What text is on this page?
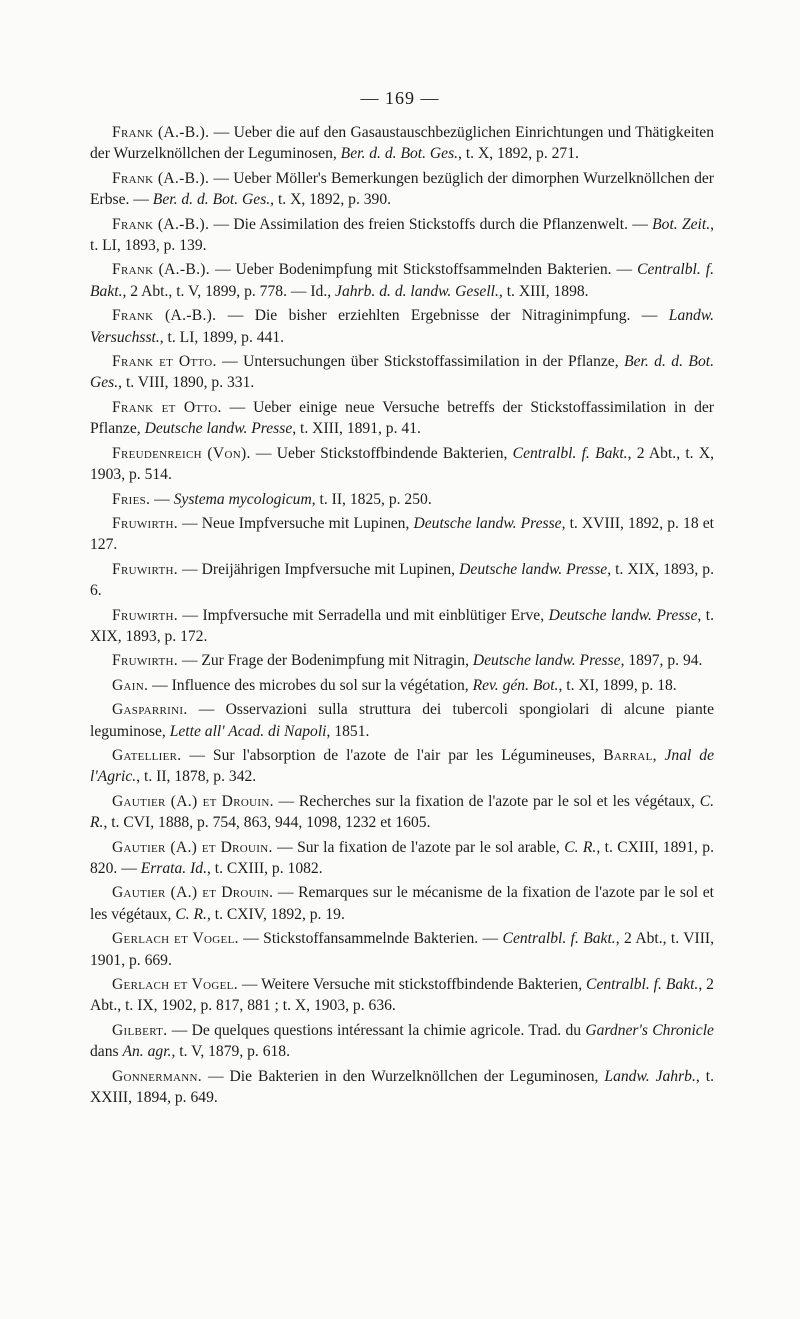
— 169 —
Frank (A.-B.). — Ueber die auf den Gasaustauschbezüglichen Einrichtungen und Thätigkeiten der Wurzelknöllchen der Leguminosen, Ber. d. d. Bot. Ges., t. X, 1892, p. 271.
Frank (A.-B.). — Ueber Möller's Bemerkungen bezüglich der dimorphen Wurzelknöllchen der Erbse. — Ber. d. d. Bot. Ges., t. X, 1892, p. 390.
Frank (A.-B.). — Die Assimilation des freien Stickstoffs durch die Pflanzenwelt. — Bot. Zeit., t. LI, 1893, p. 139.
Frank (A.-B.). — Ueber Bodenimpfung mit Stickstoffsammelnden Bakterien. — Centralbl. f. Bakt., 2 Abt., t. V, 1899, p. 778. — Id., Jahrb. d. d. landw. Gesell., t. XIII, 1898.
Frank (A.-B.). — Die bisher erziehlten Ergebnisse der Nitraginimpfung. — Landw. Versuchsst., t. LI, 1899, p. 441.
Frank et Otto. — Untersuchungen über Stickstoffassimilation in der Pflanze, Ber. d. d. Bot. Ges., t. VIII, 1890, p. 331.
Frank et Otto. — Ueber einige neue Versuche betreffs der Stickstoffassimilation in der Pflanze, Deutsche landw. Presse, t. XIII, 1891, p. 41.
Freudenreich (Von). — Ueber Stickstoffbindende Bakterien, Centralbl. f. Bakt., 2 Abt., t. X, 1903, p. 514.
Fries. — Systema mycologicum, t. II, 1825, p. 250.
Fruwirth. — Neue Impfversuche mit Lupinen, Deutsche landw. Presse, t. XVIII, 1892, p. 18 et 127.
Fruwirth. — Dreijährigen Impfversuche mit Lupinen, Deutsche landw. Presse, t. XIX, 1893, p. 6.
Fruwirth. — Impfversuche mit Serradella und mit einblütiger Erve, Deutsche landw. Presse, t. XIX, 1893, p. 172.
Fruwirth. — Zur Frage der Bodenimpfung mit Nitragin, Deutsche landw. Presse, 1897, p. 94.
Gain. — Influence des microbes du sol sur la végétation, Rev. gén. Bot., t. XI, 1899, p. 18.
Gasparrini. — Osservazioni sulla struttura dei tubercoli spongiolari di alcune piante leguminose, Lette all' Acad. di Napoli, 1851.
Gatellier. — Sur l'absorption de l'azote de l'air par les Légumineuses, Barral, Jnal de l'Agric., t. II, 1878, p. 342.
Gautier (A.) et Drouin. — Recherches sur la fixation de l'azote par le sol et les végétaux, C. R., t. CVI, 1888, p. 754, 863, 944, 1098, 1232 et 1605.
Gautier (A.) et Drouin. — Sur la fixation de l'azote par le sol arable, C. R., t. CXIII, 1891, p. 820. — Errata. Id., t. CXIII, p. 1082.
Gautier (A.) et Drouin. — Remarques sur le mécanisme de la fixation de l'azote par le sol et les végétaux, C. R., t. CXIV, 1892, p. 19.
Gerlach et Vogel. — Stickstoffansammelnde Bakterien. — Centralbl. f. Bakt., 2 Abt., t. VIII, 1901, p. 669.
Gerlach et Vogel. — Weitere Versuche mit stickstoffbindende Bakterien, Centralbl. f. Bakt., 2 Abt., t. IX, 1902, p. 817, 881 ; t. X, 1903, p. 636.
Gilbert. — De quelques questions intéressant la chimie agricole. Trad. du Gardner's Chronicle dans An. agr., t. V, 1879, p. 618.
Gonnermann. — Die Bakterien in den Wurzelknöllchen der Leguminosen, Landw. Jahrb., t. XXIII, 1894, p. 649.
